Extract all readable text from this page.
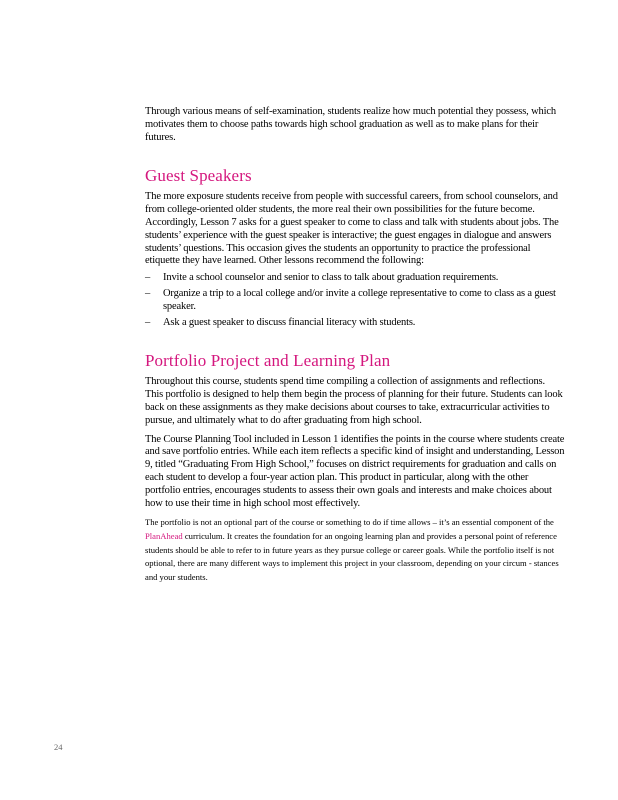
Through various means of self-examination, students realize how much potential they possess, which motivates them to choose paths towards high school graduation as well as to make plans for their futures.

Guest Speakers

The more exposure students receive from people with successful careers, from school counselors, and from college-oriented older students, the more real their own possibilities for the future become. Accordingly, Lesson 7 asks for a guest speaker to come to class and talk with students about jobs. The students’ experience with the guest speaker is interactive; the guest engages in dialogue and answers students’ questions. This occasion gives the students an opportunity to practice the professional etiquette they have learned. Other lessons recommend the following:

– Invite a school counselor and senior to class to talk about graduation requirements.
– Organize a trip to a local college and/or invite a college representative to come to class as a guest speaker.
– Ask a guest speaker to discuss financial literacy with students.
Portfolio Project and Learning Plan

Throughout this course, students spend time compiling a collection of assignments and reflections. This portfolio is designed to help them begin the process of planning for their future. Students can look back on these assignments as they make decisions about courses to take, extracurricular activities to pursue, and ultimately what to do after graduating from high school.

The Course Planning Tool included in Lesson 1 identifies the points in the course where students create and save portfolio entries. While each item reflects a specific kind of insight and understanding, Lesson 9, titled “Graduating From High School,” focuses on district requirements for graduation and calls on each student to develop a four-year action plan. This product in particular, along with the other portfolio entries, encourages students to assess their own goals and interests and make choices about how to use their time in high school most effectively.

The portfolio is not an optional part of the course or something to do if time allows – it’s an essential component of the PlanAhead curriculum. It creates the foundation for an ongoing learning plan and provides a personal point of reference students should be able to refer to in future years as they pursue college or career goals. While the portfolio itself is not optional, there are many different ways to implement this project in your classroom, depending on your circum - stances and your students.

24
